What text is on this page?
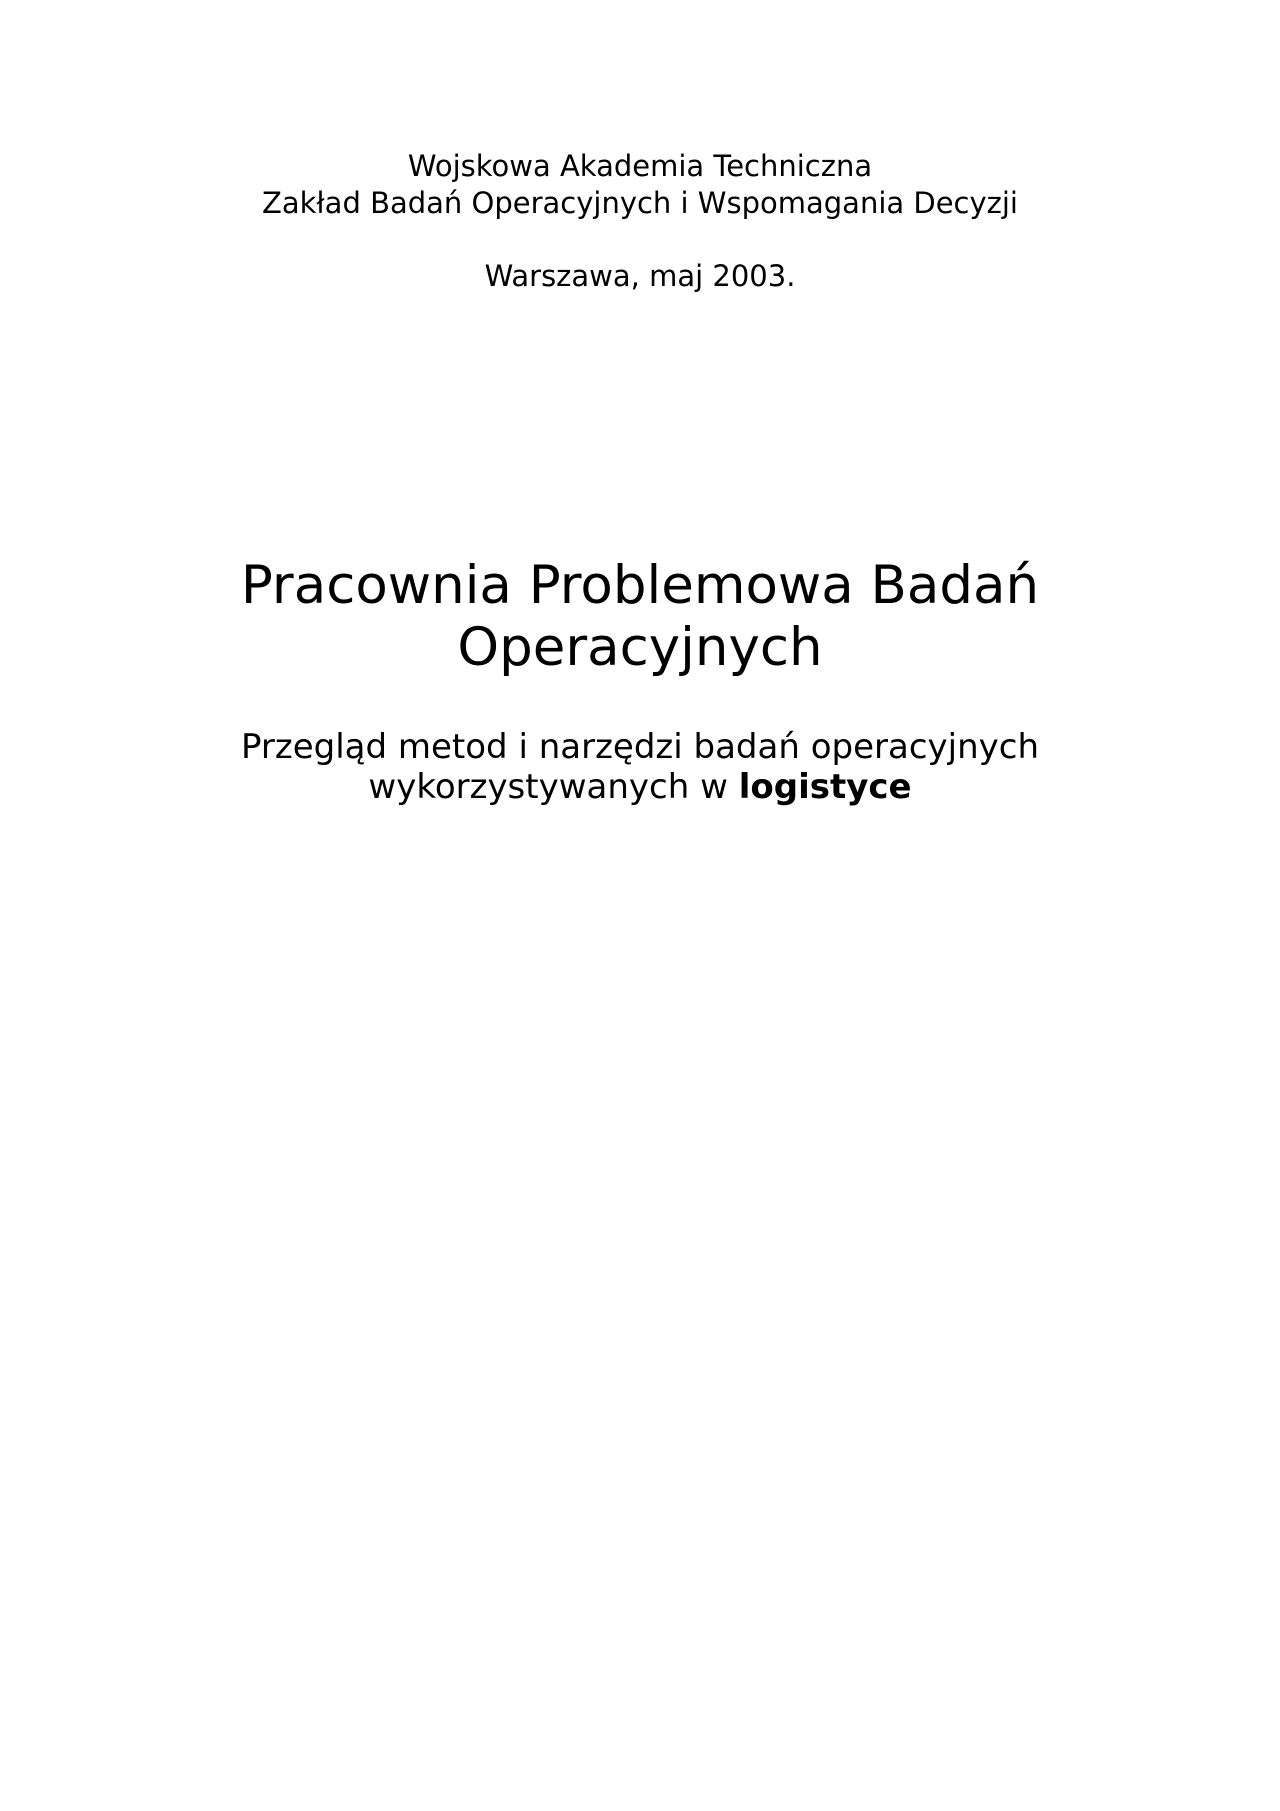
Wojskowa Akademia Techniczna
Zakład Badań Operacyjnych i Wspomagania Decyzji
Warszawa, maj 2003.
Pracownia Problemowa Badań
Operacyjnych
Przegląd metod i narzędzi badań operacyjnych
wykorzystywanych w logistyce
